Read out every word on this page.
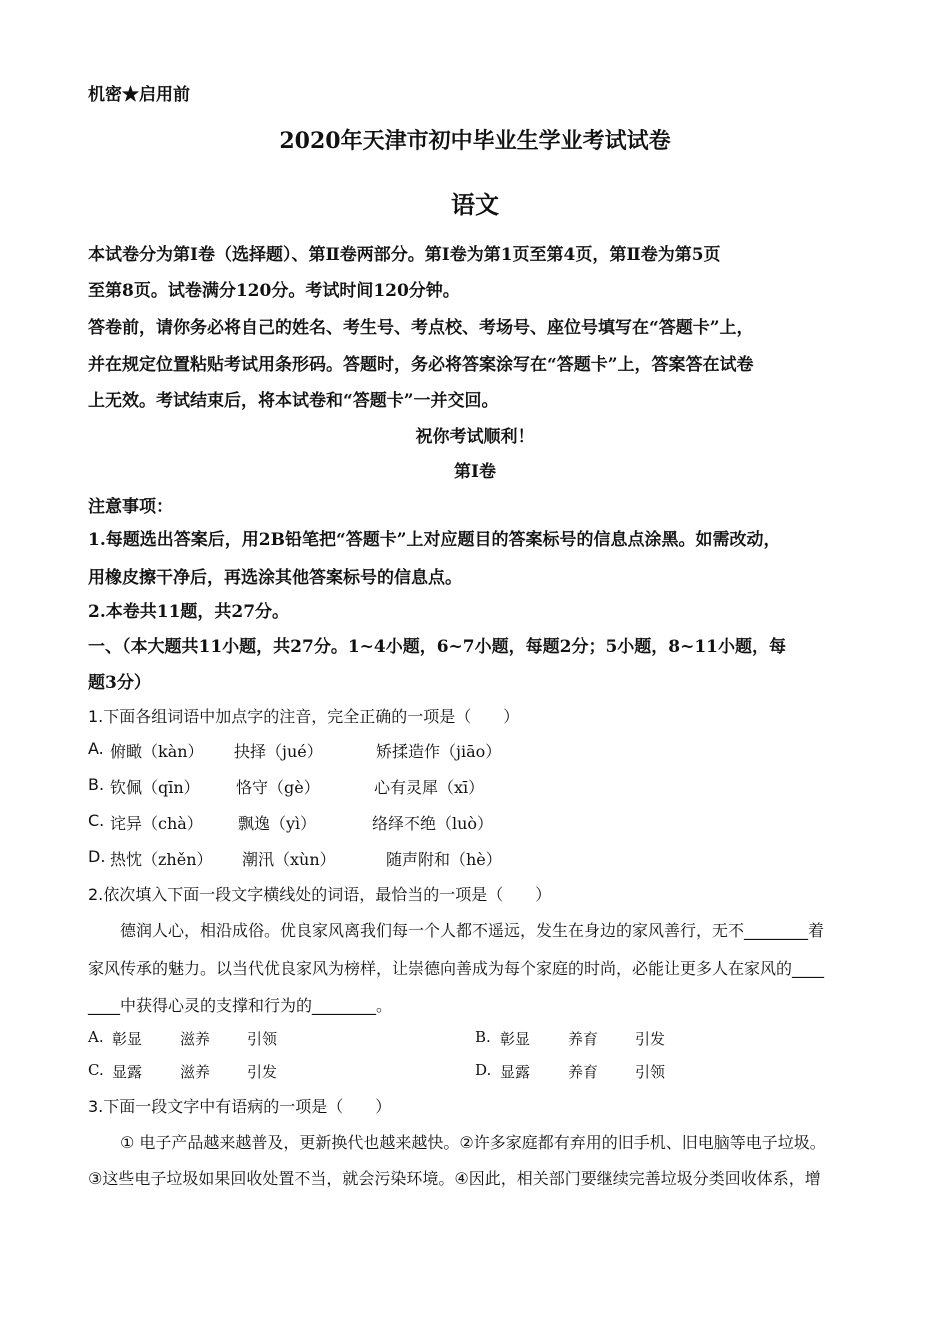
机密★启用前
2020年天津市初中毕业生学业考试试卷
语文
本试卷分为第Ⅰ卷（选择题）、第Ⅱ卷两部分。第Ⅰ卷为第1页至第4页，第Ⅱ卷为第5页
至第8页。试卷满分120分。考试时间120分钟。
答卷前，请你务必将自己的姓名、考生号、考点校、考场号、座位号填写在“答题卡”上，
并在规定位置粘贴考试用条形码。答题时，务必将答案涂写在“答题卡”上，答案答在试卷
上无效。考试结束后，将本试卷和“答题卡”一并交回。
祝你考试顺利！
第Ⅰ卷
注意事项：
1.每题选出答案后，用2B铅笔把“答题卡”上对应题目的答案标号的信息点涂黑。如需改动，
用橡皮擦干净后，再选涂其他答案标号的信息点。
2.本卷共11题，共27分。
一、（本大题共11小题，共27分。1~4小题，6~7小题，每题2分；5小题，8~11小题，每
题3分）
1.下面各组词语中加点字的注音，完全正确的一项是（　　）
A. 俯瞰（kàn） 抉择（jué）	矫揉造作（jiāo）
B. 钦佩（qīn） 恪守（gè）	心有灵犀（xī）
C. 诧异（chà） 飘逸（yì）	络绎不绝（luò）
D. 热忱（zhěn） 潮汛（xùn）	随声附和（hè）
2.依次填入下面一段文字横线处的词语，最恰当的一项是（　　）
德润人心，相沿成俗。优良家风离我们每一个人都不遥远，发生在身边的家风善行，无不________着
家风传承的魅力。以当代优良家风为榜样，让崇德向善成为每个家庭的时尚，必能让更多人在家风的____
____中获得心灵的支撑和行为的________。
A. 彰显	滋养 引领	B. 彰显	养育 引发
C. 显露	滋养 引发	D. 显露	养育 引领
3.下面一段文字中有语病的一项是（　　）
① 电子产品越来越普及，更新换代也越来越快。②许多家庭都有弃用的旧手机、旧电脑等电子垃圾。
③这些电子垃圾如果回收处置不当，就会污染环境。④因此，相关部门要继续完善垃圾分类回收体系，增
